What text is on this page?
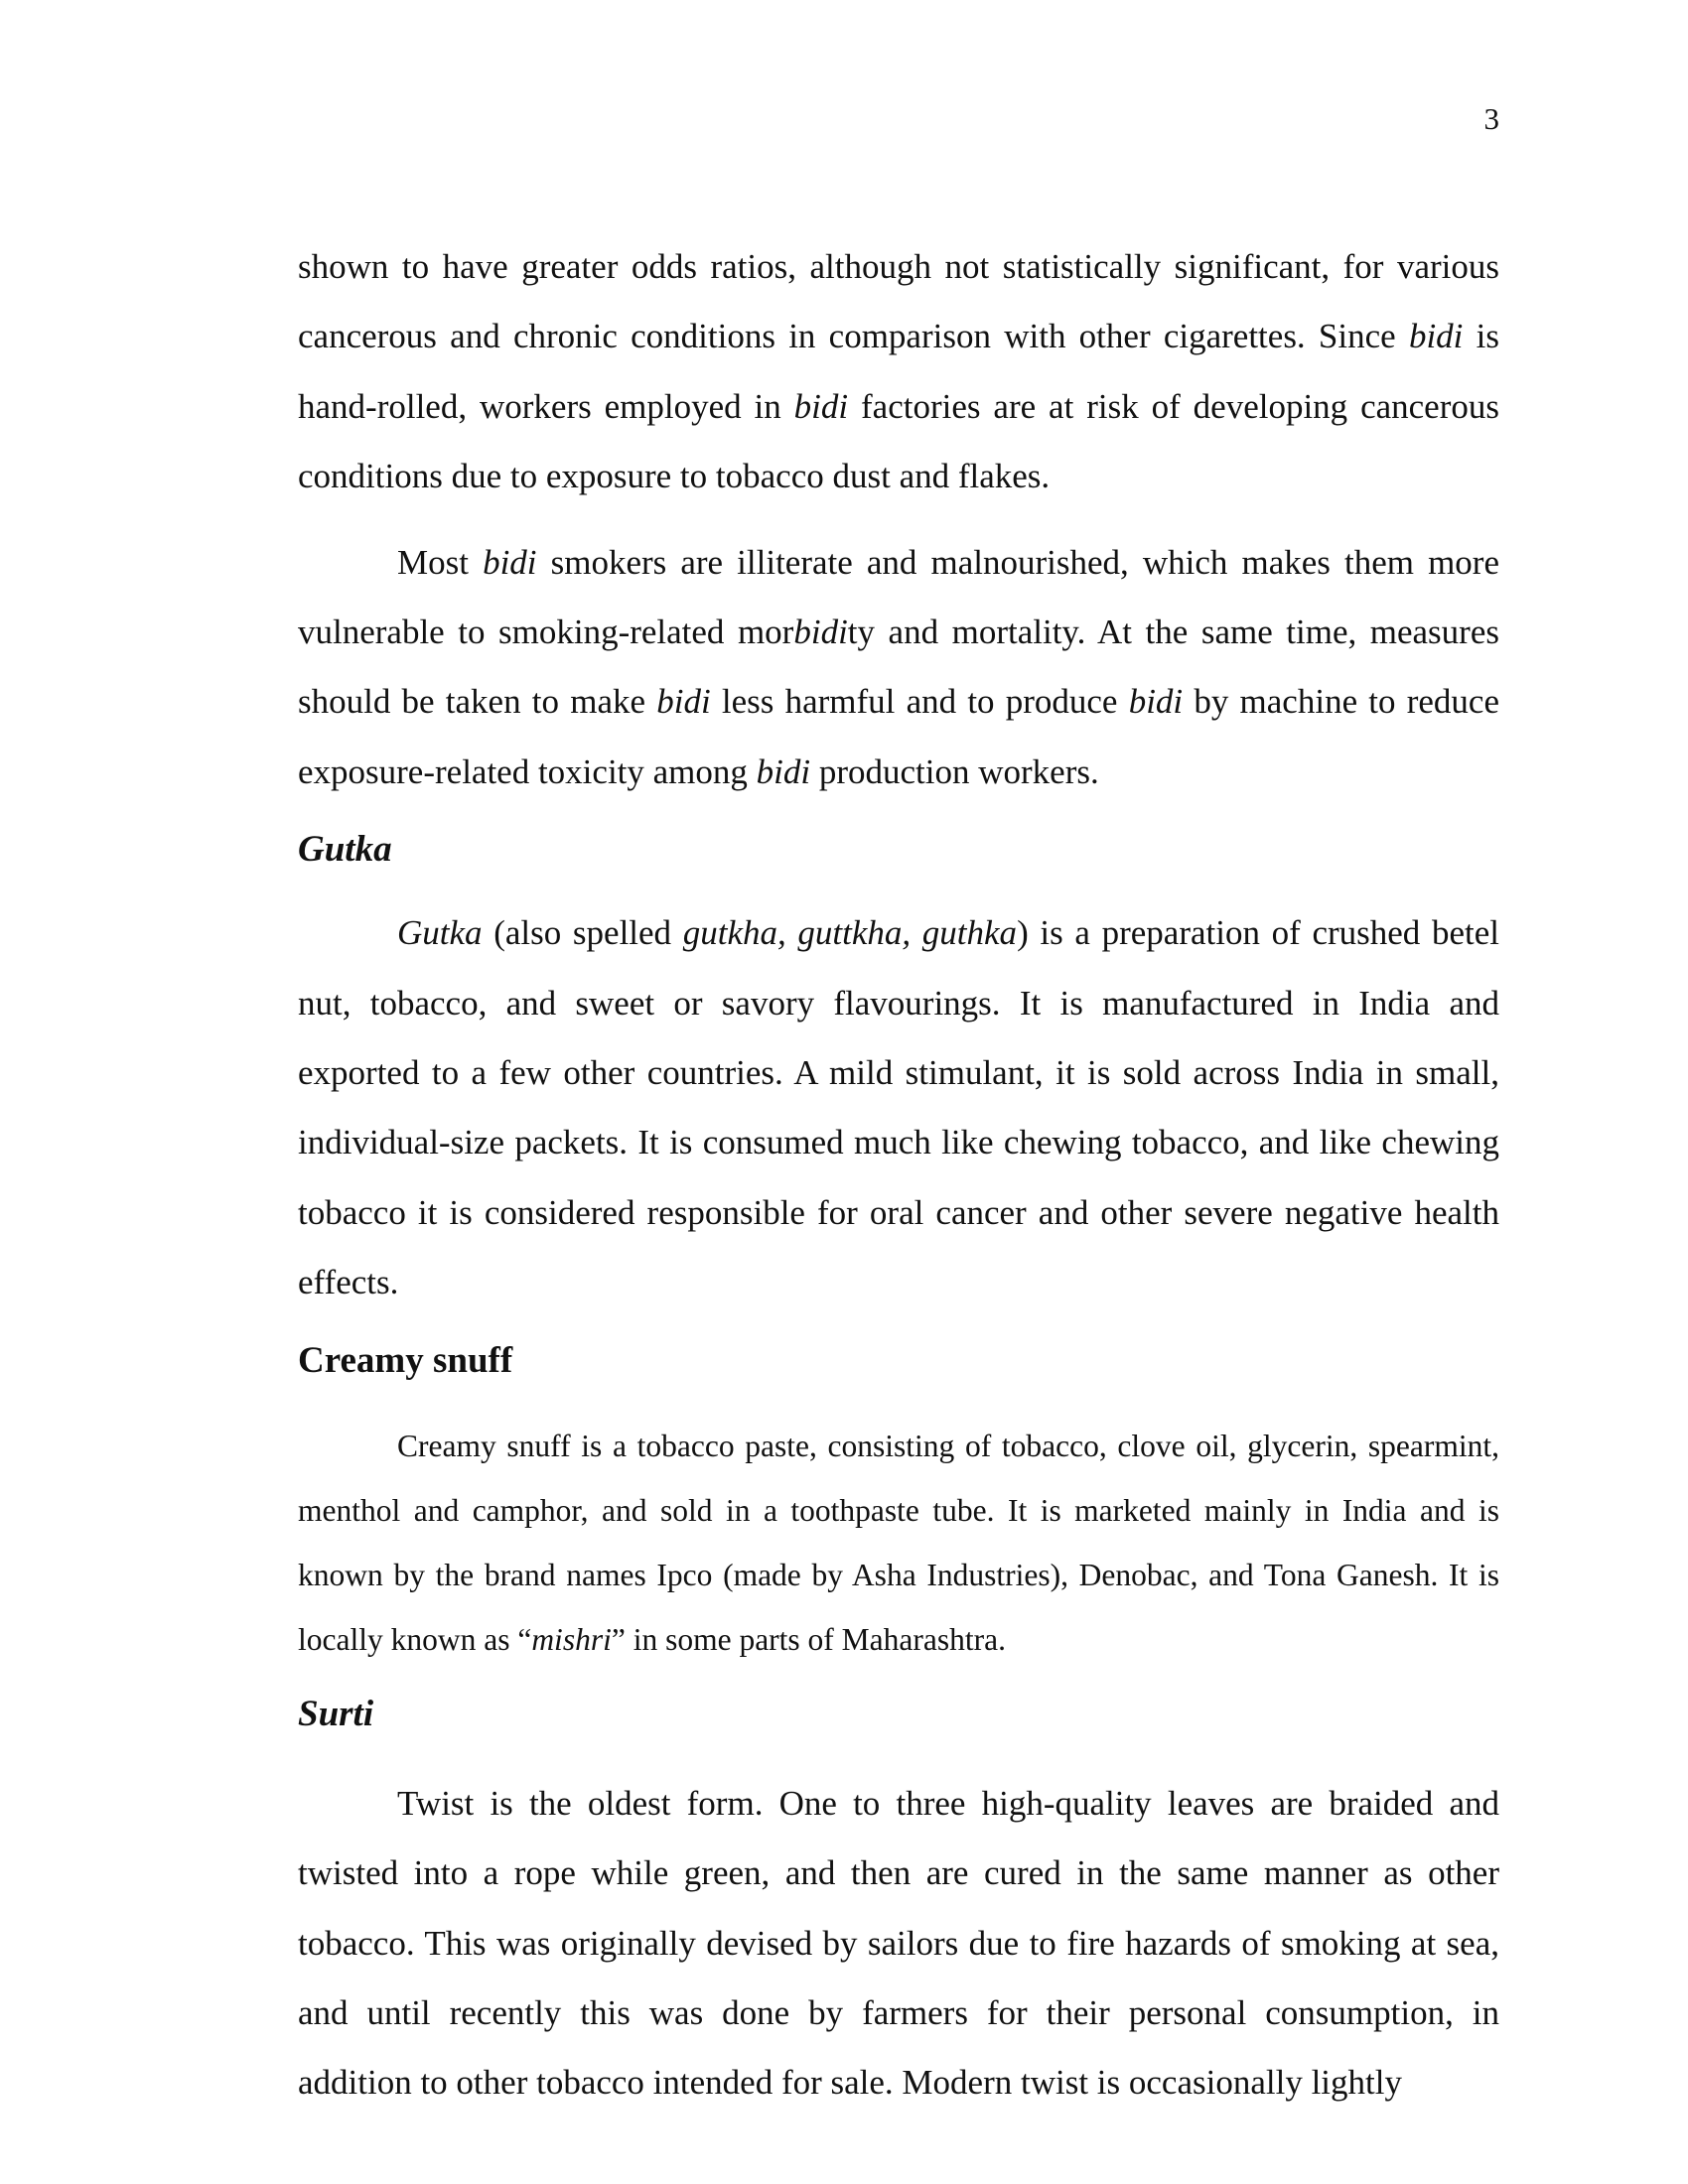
3

shown to have greater odds ratios, although not statistically significant, for various cancerous and chronic conditions in comparison with other cigarettes. Since bidi is hand-rolled, workers employed in bidi factories are at risk of developing cancerous conditions due to exposure to tobacco dust and flakes.

Most bidi smokers are illiterate and malnourished, which makes them more vulnerable to smoking-related morbidity and mortality. At the same time, measures should be taken to make bidi less harmful and to produce bidi by machine to reduce exposure-related toxicity among bidi production workers.

Gutka

Gutka (also spelled gutkha, guttkha, guthka) is a preparation of crushed betel nut, tobacco, and sweet or savory flavourings. It is manufactured in India and exported to a few other countries. A mild stimulant, it is sold across India in small, individual-size packets. It is consumed much like chewing tobacco, and like chewing tobacco it is considered responsible for oral cancer and other severe negative health effects.

Creamy snuff

Creamy snuff is a tobacco paste, consisting of tobacco, clove oil, glycerin, spearmint, menthol and camphor, and sold in a toothpaste tube. It is marketed mainly in India and is known by the brand names Ipco (made by Asha Industries), Denobac, and Tona Ganesh. It is locally known as “mishri” in some parts of Maharashtra.

Surti

Twist is the oldest form. One to three high-quality leaves are braided and twisted into a rope while green, and then are cured in the same manner as other tobacco. This was originally devised by sailors due to fire hazards of smoking at sea, and until recently this was done by farmers for their personal consumption, in addition to other tobacco intended for sale. Modern twist is occasionally lightly
